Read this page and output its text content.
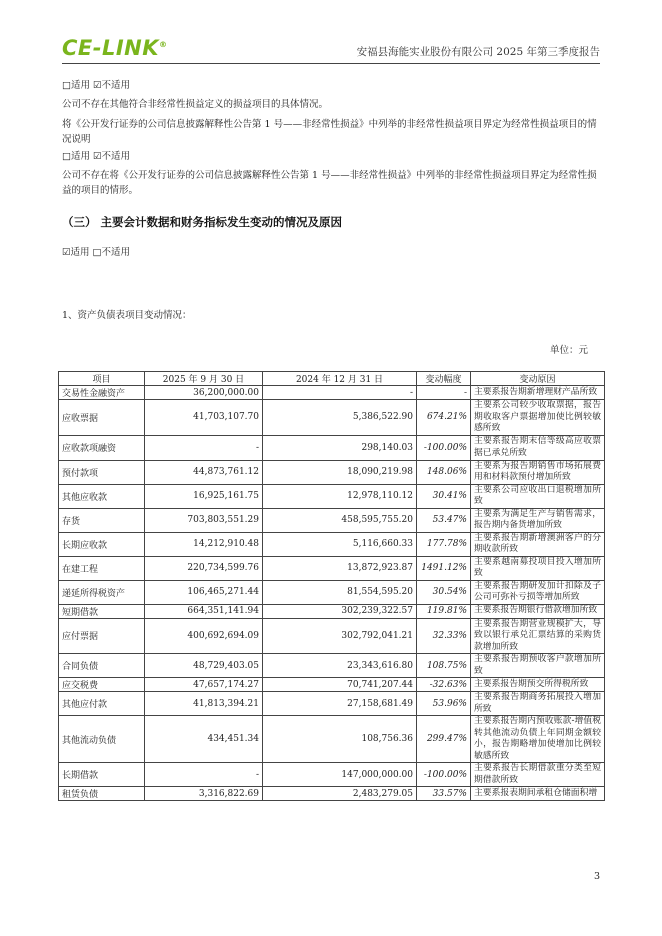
CE-LINK®
安福县海能实业股份有限公司 2025 年第三季度报告
□适用 ☑不适用
公司不存在其他符合非经常性损益定义的损益项目的具体情况。
将《公开发行证券的公司信息披露解释性公告第 1 号——非经常性损益》中列举的非经常性损益项目界定为经常性损益项目的情况说明
□适用 ☑不适用
公司不存在将《公开发行证券的公司信息披露解释性公告第 1 号——非经常性损益》中列举的非经常性损益项目界定为经常性损益的项目的情形。
（三） 主要会计数据和财务指标发生变动的情况及原因
☑适用 □不适用
1、资产负债表项目变动情况：
单位：元
项目	2025 年 9 月 30 日	2024 年 12 月 31 日	变动幅度	变动原因
交易性金融资产	36,200,000.00	-	-	主要系报告期新增理财产品所致
应收票据	41,703,107.70	5,386,522.90	674.21%	主要系公司较少收取票据，报告期收取客户票据增加使比例较敏感所致
应收款项融资	-	298,140.03	-100.00%	主要系报告期末信等级高应收票据已承兑所致
预付款项	44,873,761.12	18,090,219.98	148.06%	主要系为报告期销售市场拓展费用和材料款预付增加所致
其他应收款	16,925,161.75	12,978,110.12	30.41%	主要系公司应收出口退税增加所致
存货	703,803,551.29	458,595,755.20	53.47%	主要系为满足生产与销售需求，报告期内备货增加所致
长期应收款	14,212,910.48	5,116,660.33	177.78%	主要系报告期新增澳洲客户的分期收款所致
在建工程	220,734,599.76	13,872,923.87	1491.12%	主要系越南募投项目投入增加所致
递延所得税资产	106,465,271.44	81,554,595.20	30.54%	主要系报告期研发加计扣除及子公司可弥补亏损等增加所致
短期借款	664,351,141.94	302,239,322.57	119.81%	主要系报告期银行借款增加所致
应付票据	400,692,694.09	302,792,041.21	32.33%	主要系报告期营业规模扩大，导致以银行承兑汇票结算的采购货款增加所致
合同负债	48,729,403.05	23,343,616.80	108.75%	主要系报告期预收客户款增加所致
应交税费	47,657,174.27	70,741,207.44	-32.63%	主要系报告期预交所得税所致
其他应付款	41,813,394.21	27,158,681.49	53.96%	主要系报告期商务拓展投入增加所致
其他流动负债	434,451.34	108,756.36	299.47%	主要系报告期内预收账款-增值税转其他流动负债上年同期金额较小，报告期略增加使增加比例较敏感所致
长期借款	-	147,000,000.00	-100.00%	主要系报告长期借款重分类至短期借款所致
租赁负债	3,316,822.69	2,483,279.05	33.57%	主要系报表期间承租仓储面积增
3
